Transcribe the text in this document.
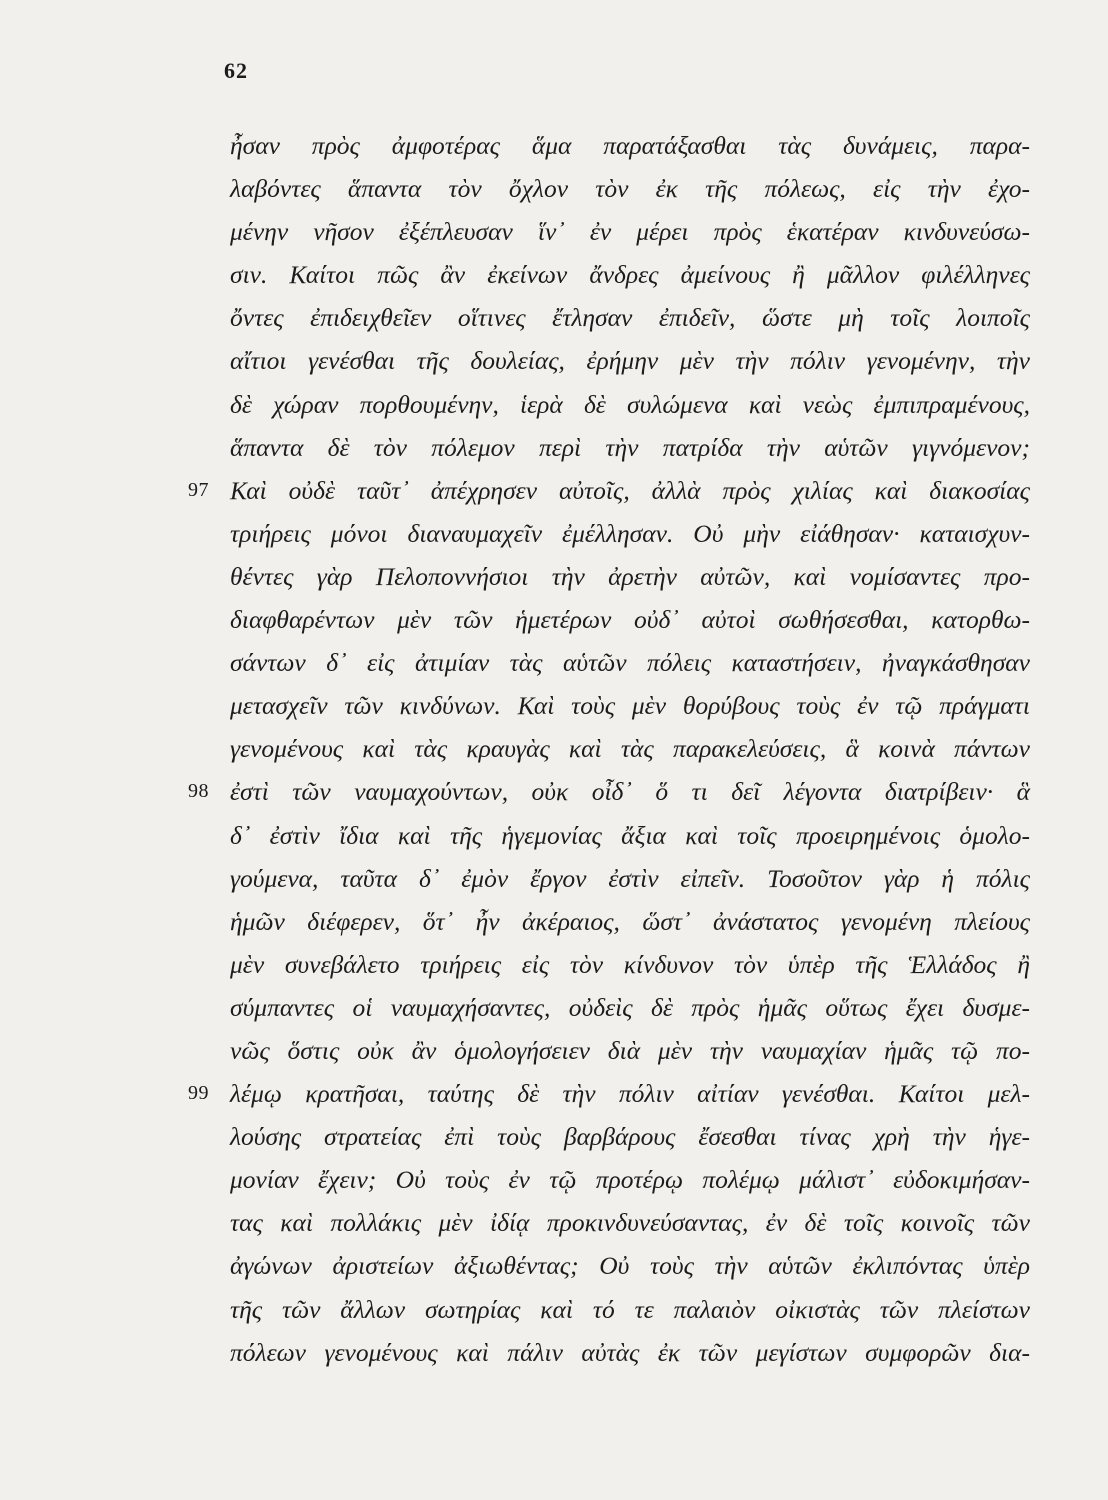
62
ἦσαν πρὸς ἀμφοτέρας ἅμα παρατάξασθαι τὰς δυνάμεις, παρα-
λαβόντες ἅπαντα τὸν ὄχλον τὸν ἐκ τῆς πόλεως, εἰς τὴν ἐχο-
μένην νῆσον ἐξέπλευσαν ἵν᾽ ἐν μέρει πρὸς ἑκατέραν κινδυνεύσω-
σιν. Καίτοι πῶς ἂν ἐκείνων ἄνδρες ἀμείνους ἢ μᾶλλον φιλέλληνες
ὄντες ἐπιδειχθεῖεν οἵτινες ἔτλησαν ἐπιδεῖν, ὥστε μὴ τοῖς λοιποῖς
αἴτιοι γενέσθαι τῆς δουλείας, ἐρήμην μὲν τὴν πόλιν γενομένην, τὴν
δὲ χώραν πορθουμένην, ἱερὰ δὲ συλώμενα καὶ νεὼς ἐμπιπραμένους,
ἅπαντα δὲ τὸν πόλεμον περὶ τὴν πατρίδα τὴν αὑτῶν γιγνόμενον;
Καὶ οὐδὲ ταῦτ᾽ ἀπέχρησεν αὐτοῖς, ἀλλὰ πρὸς χιλίας καὶ διακοσίας
97
τριήρεις μόνοι διαναυμαχεῖν ἐμέλλησαν. Οὐ μὴν εἰάθησαν· καταισχυν-
θέντες γὰρ Πελοποννήσιοι τὴν ἀρετὴν αὐτῶν, καὶ νομίσαντες προ-
διαφθαρέντων μὲν τῶν ἡμετέρων οὐδ᾽ αὐτοὶ σωθήσεσθαι, κατορθω-
σάντων δ᾽ εἰς ἀτιμίαν τὰς αὑτῶν πόλεις καταστήσειν, ἠναγκάσθησαν
μετασχεῖν τῶν κινδύνων. Καὶ τοὺς μὲν θορύβους τοὺς ἐν τῷ πράγματι
γενομένους καὶ τὰς κραυγὰς καὶ τὰς παρακελεύσεις, ἃ κοινὰ πάντων
ἐστὶ τῶν ναυμαχούντων, οὐκ οἶδ᾽ ὅ τι δεῖ λέγοντα διατρίβειν· ἃ
98
δ᾽ ἐστὶν ἴδια καὶ τῆς ἡγεμονίας ἄξια καὶ τοῖς προειρημένοις ὁμολο-
γούμενα, ταῦτα δ᾽ ἐμὸν ἔργον ἐστὶν εἰπεῖν. Τοσοῦτον γὰρ ἡ πόλις
ἡμῶν διέφερεν, ὅτ᾽ ἦν ἀκέραιος, ὥστ᾽ ἀνάστατος γενομένη πλείους
μὲν συνεβάλετο τριήρεις εἰς τὸν κίνδυνον τὸν ὑπὲρ τῆς Ἑλλάδος ἢ
σύμπαντες οἱ ναυμαχήσαντες, οὐδεὶς δὲ πρὸς ἡμᾶς οὕτως ἔχει δυσμε-
νῶς ὅστις οὐκ ἂν ὁμολογήσειεν διὰ μὲν τὴν ναυμαχίαν ἡμᾶς τῷ πο-
λέμῳ κρατῆσαι, ταύτης δὲ τὴν πόλιν αἰτίαν γενέσθαι. Καίτοι μελ-
99
λούσης στρατείας ἐπὶ τοὺς βαρβάρους ἔσεσθαι τίνας χρὴ τὴν ἡγε-
μονίαν ἔχειν; Οὐ τοὺς ἐν τῷ προτέρῳ πολέμῳ μάλιστ᾽ εὐδοκιμήσαν-
τας καὶ πολλάκις μὲν ἰδίᾳ προκινδυνεύσαντας, ἐν δὲ τοῖς κοινοῖς τῶν
ἀγώνων ἀριστείων ἀξιωθέντας; Οὐ τοὺς τὴν αὑτῶν ἐκλιπόντας ὑπὲρ
τῆς τῶν ἄλλων σωτηρίας καὶ τό τε παλαιὸν οἰκιστὰς τῶν πλείστων
πόλεων γενομένους καὶ πάλιν αὐτὰς ἐκ τῶν μεγίστων συμφορῶν δια-
